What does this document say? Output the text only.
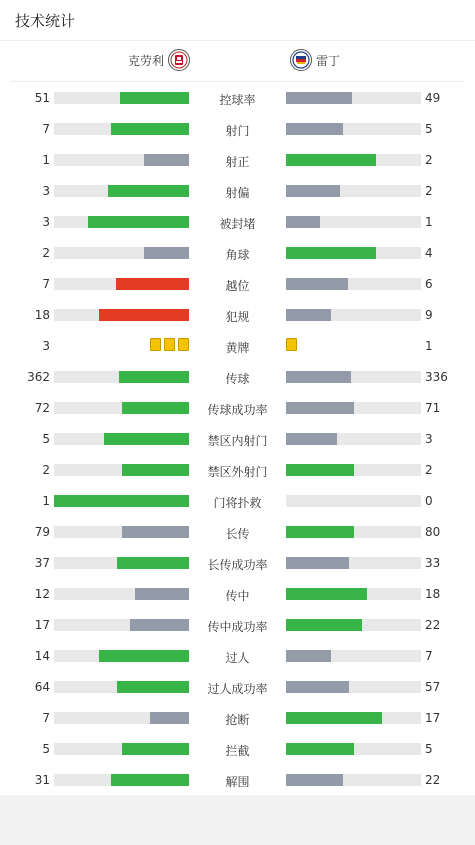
技术统计
克劳利	雷丁
51	控球率	49
7	射门	5
1	射正	2
3	射偏	2
3	被封堵	1
2	角球	4
7	越位	6
18	犯规	9
3	黄牌	1
362	传球	336
72	传球成功率	71
5	禁区内射门	3
2	禁区外射门	2
1	门将扑救	0
79	长传	80
37	长传成功率	33
12	传中	18
17	传中成功率	22
14	过人	7
64	过人成功率	57
7	抢断	17
5	拦截	5
31	解围	22
